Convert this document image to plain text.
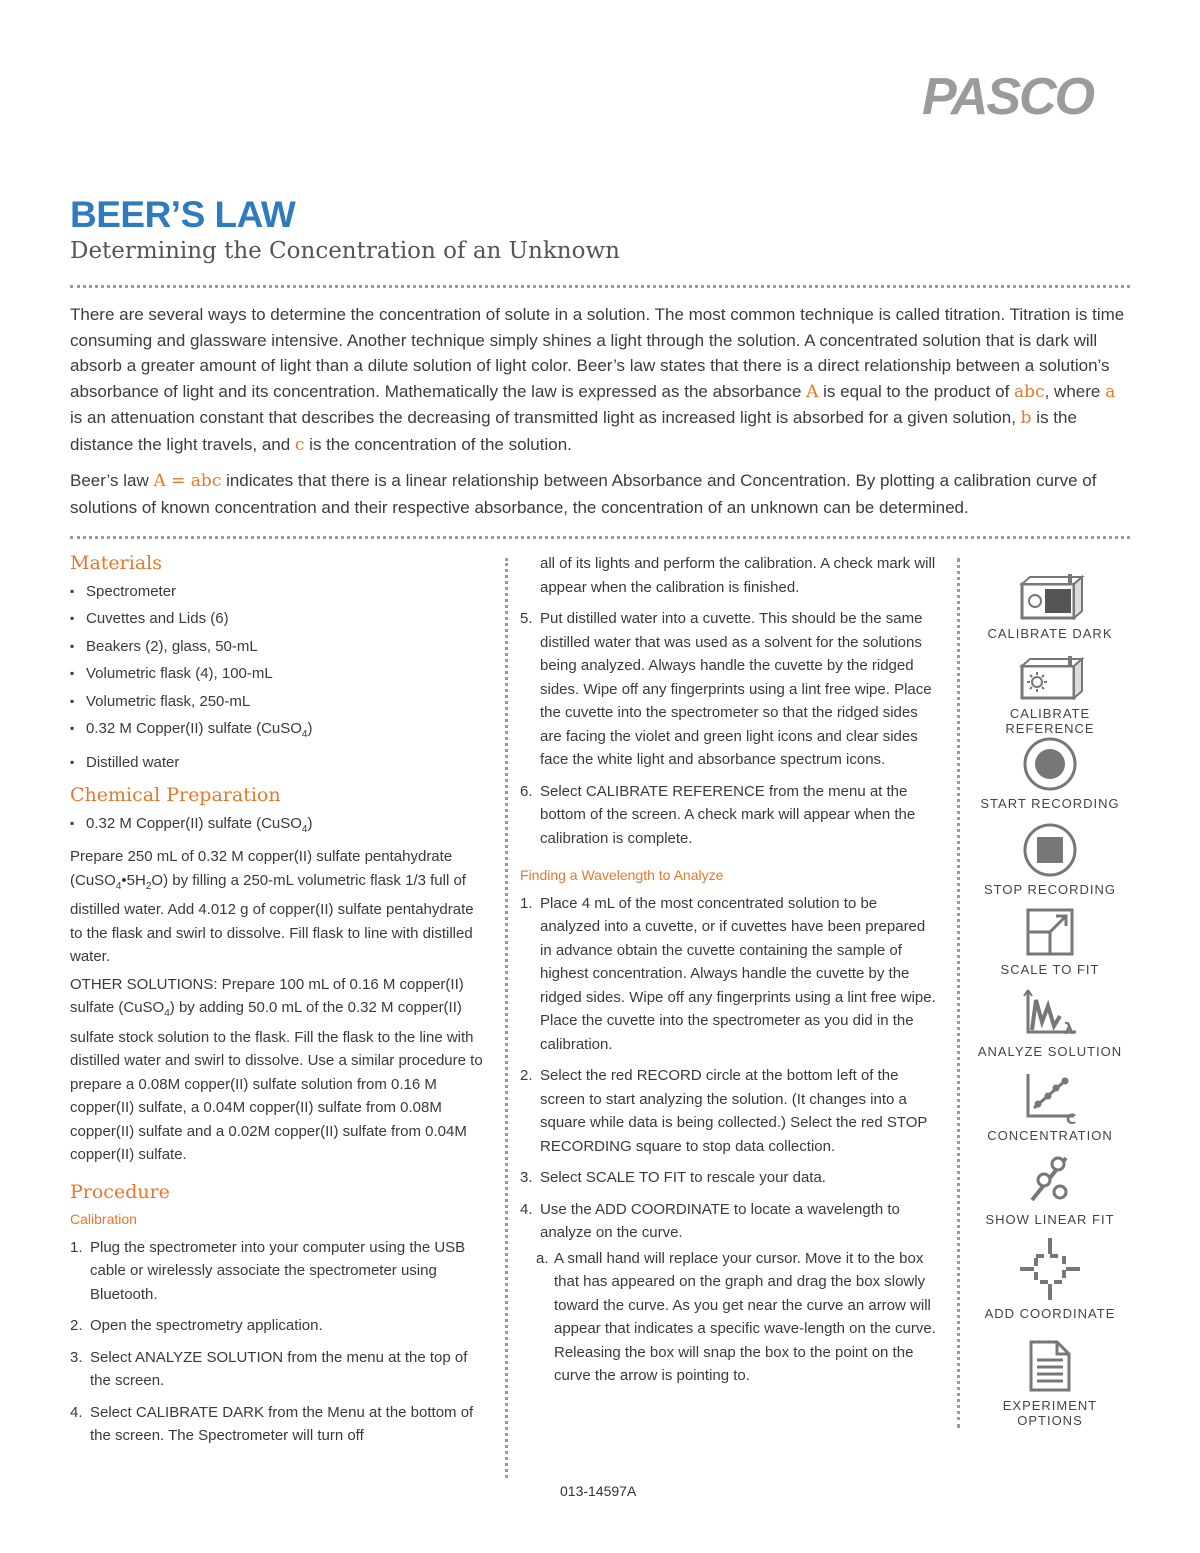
PASCO
BEER’S LAW
Determining the Concentration of an Unknown

There are several ways to determine the concentration of solute in a solution. The most common technique is called titration. Titration is time consuming and glassware intensive. Another technique simply shines a light through the solution. A concentrated solution that is dark will absorb a greater amount of light than a dilute solution of light color. Beer’s law states that there is a direct relationship between a solution’s absorbance of light and its concentration. Mathematically the law is expressed as the absorbance A is equal to the product of abc, where a is an attenuation constant that describes the decreasing of transmitted light as increased light is absorbed for a given solution, b is the distance the light travels, and c is the concentration of the solution.

Beer’s law A = abc indicates that there is a linear relationship between Absorbance and Concentration. By plotting a calibration curve of solutions of known concentration and their respective absorbance, the concentration of an unknown can be determined.

Materials
▪ Spectrometer
▪ Cuvettes and Lids (6)
▪ Beakers (2), glass, 50-mL
▪ Volumetric flask (4), 100-mL
▪ Volumetric flask, 250-mL
▪ 0.32 M Copper(II) sulfate (CuSO$_4$)
▪ Distilled water
Chemical Preparation
▪ 0.32 M Copper(II) sulfate (CuSO$_4$)

Prepare 250 mL of 0.32 M copper(II) sulfate pentahydrate $(CuSO_4•5H_2O)$ by filling a 250-mL volumetric flask 1/3 full of distilled water. Add 4.012 g of copper(II) sulfate pentahydrate to the flask and swirl to dissolve. Fill flask to line with distilled water.

OTHER SOLUTIONS: Prepare 100 mL of 0.16 M copper(II) sulfate (CuSO$_4$) by adding 50.0 mL of the 0.32 M copper(II) sulfate stock solution to the flask. Fill the flask to the line with distilled water and swirl to dissolve. Use a similar procedure to prepare a 0.08M copper(II) sulfate solution from 0.16 M copper(II) sulfate, a 0.04M copper(II) sulfate from 0.08M copper(II) sulfate and a 0.02M copper(II) sulfate from 0.04M copper(II) sulfate.

Procedure
Calibration
1. Plug the spectrometer into your computer using the USB cable or wirelessly associate the spectrometer using Bluetooth.
2. Open the spectrometry application.
3. Select ANALYZE SOLUTION from the menu at the top of the screen.
4. Select CALIBRATE DARK from the Menu at the bottom of the screen. The Spectrometer will turn off
all of its lights and perform the calibration. A check mark will appear when the calibration is finished.
5. Put distilled water into a cuvette. This should be the same distilled water that was used as a solvent for the solutions being analyzed. Always handle the cuvette by the ridged sides. Wipe off any fingerprints using a lint free wipe. Place the cuvette into the spectrometer so that the ridged sides are facing the violet and green light icons and clear sides face the white light and absorbance spectrum icons.
6. Select CALIBRATE REFERENCE from the menu at the bottom of the screen. A check mark will appear when the calibration is complete.
Finding a Wavelength to Analyze
1. Place 4 mL of the most concentrated solution to be analyzed into a cuvette, or if cuvettes have been prepared in advance obtain the cuvette containing the sample of highest concentration. Always handle the cuvette by the ridged sides. Wipe off any fingerprints using a lint free wipe. Place the cuvette into the spectrometer as you did in the calibration.
2. Select the red RECORD circle at the bottom left of the screen to start analyzing the solution. (It changes into a square while data is being collected.) Select the red STOP RECORDING square to stop data collection.
3. Select SCALE TO FIT to rescale your data.
4. Use the ADD COORDINATE to locate a wavelength to analyze on the curve.
a. A small hand will replace your cursor. Move it to the box that has appeared on the graph and drag the box slowly toward the curve. As you get near the curve an arrow will appear that indicates a specific wave-length on the curve. Releasing the box will snap the box to the point on the curve the arrow is pointing to.
CALIBRATE DARK
CALIBRATE REFERENCE
START RECORDING
STOP RECORDING
SCALE TO FIT
λ
ANALYZE SOLUTION
C
CONCENTRATION
SHOW LINEAR FIT
ADD COORDINATE
EXPERIMENT OPTIONS
013-14597A
